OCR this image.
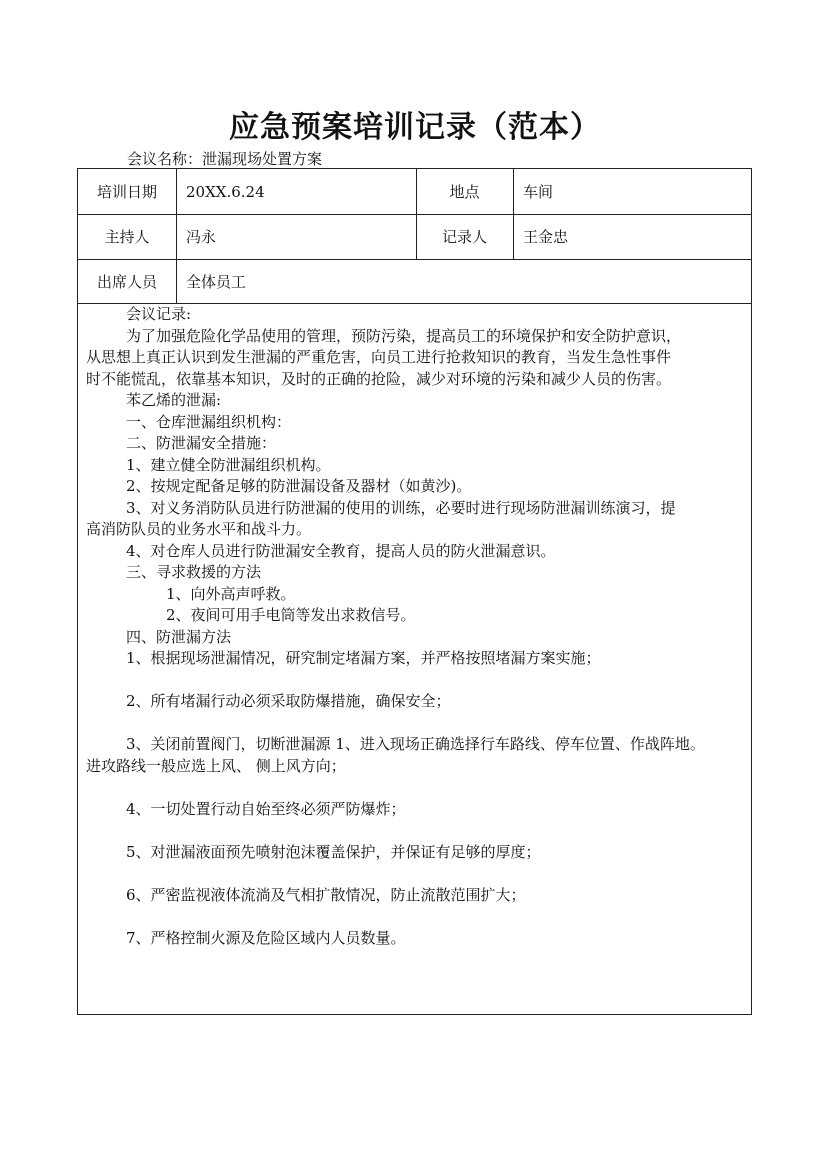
应急预案培训记录（范本）
会议名称：泄漏现场处置方案
培训日期	20XX.6.24	地点	车间
主持人	冯永	记录人	王金忠
出席人员	全体员工

会议记录:

为了加强危险化学品使用的管理，预防污染，提高员工的环境保护和安全防护意识，

从思想上真正认识到发生泄漏的严重危害，向员工进行抢救知识的教育，当发生急性事件

时不能慌乱，依靠基本知识，及时的正确的抢险，减少对环境的污染和减少人员的伤害。

苯乙烯的泄漏:

一、仓库泄漏组织机构：

二、防泄漏安全措施：

1、建立健全防泄漏组织机构。

2、按规定配备足够的防泄漏设备及器材（如黄沙)。

3、对义务消防队员进行防泄漏的使用的训练，必要时进行现场防泄漏训练演习，提

高消防队员的业务水平和战斗力。

4、对仓库人员进行防泄漏安全教育，提高人员的防火泄漏意识。

三、寻求救援的方法

1、向外高声呼救。

2、夜间可用手电筒等发出求救信号。

四、防泄漏方法

1、根据现场泄漏情况，研究制定堵漏方案，并严格按照堵漏方案实施；

2、所有堵漏行动必须采取防爆措施，确保安全；

3、关闭前置阀门，切断泄漏源 1、进入现场正确选择行车路线、停车位置、作战阵地。

进攻路线一般应选上风、 侧上风方向；

4、一切处置行动自始至终必须严防爆炸；

5、对泄漏液面预先喷射泡沫覆盖保护，并保证有足够的厚度；

6、严密监视液体流淌及气相扩散情况，防止流散范围扩大；

7、严格控制火源及危险区域内人员数量。
